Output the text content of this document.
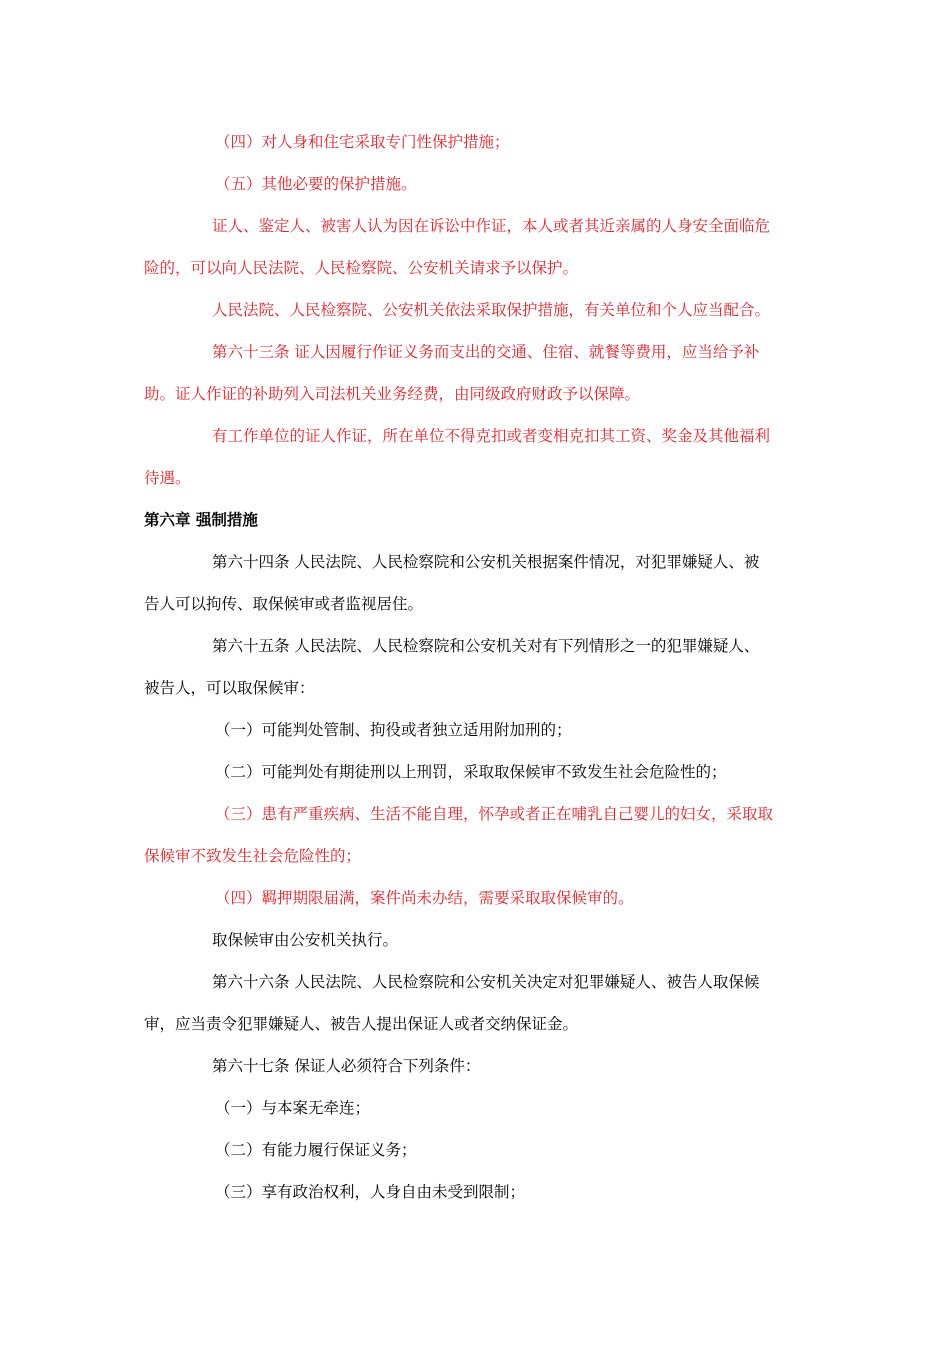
（四）对人身和住宅采取专门性保护措施；
（五）其他必要的保护措施。
证人、鉴定人、被害人认为因在诉讼中作证，本人或者其近亲属的人身安全面临危
险的，可以向人民法院、人民检察院、公安机关请求予以保护。
人民法院、人民检察院、公安机关依法采取保护措施，有关单位和个人应当配合。
第六十三条 证人因履行作证义务而支出的交通、住宿、就餐等费用，应当给予补
助。证人作证的补助列入司法机关业务经费，由同级政府财政予以保障。
有工作单位的证人作证，所在单位不得克扣或者变相克扣其工资、奖金及其他福利
待遇。
第六章 强制措施
第六十四条 人民法院、人民检察院和公安机关根据案件情况，对犯罪嫌疑人、被
告人可以拘传、取保候审或者监视居住。
第六十五条 人民法院、人民检察院和公安机关对有下列情形之一的犯罪嫌疑人、
被告人，可以取保候审：
（一）可能判处管制、拘役或者独立适用附加刑的；
（二）可能判处有期徒刑以上刑罚，采取取保候审不致发生社会危险性的；
（三）患有严重疾病、生活不能自理，怀孕或者正在哺乳自己婴儿的妇女，采取取
保候审不致发生社会危险性的；
（四）羁押期限届满，案件尚未办结，需要采取取保候审的。
取保候审由公安机关执行。
第六十六条 人民法院、人民检察院和公安机关决定对犯罪嫌疑人、被告人取保候
审，应当责令犯罪嫌疑人、被告人提出保证人或者交纳保证金。
第六十七条 保证人必须符合下列条件：
（一）与本案无牵连；
（二）有能力履行保证义务；
（三）享有政治权利，人身自由未受到限制；
